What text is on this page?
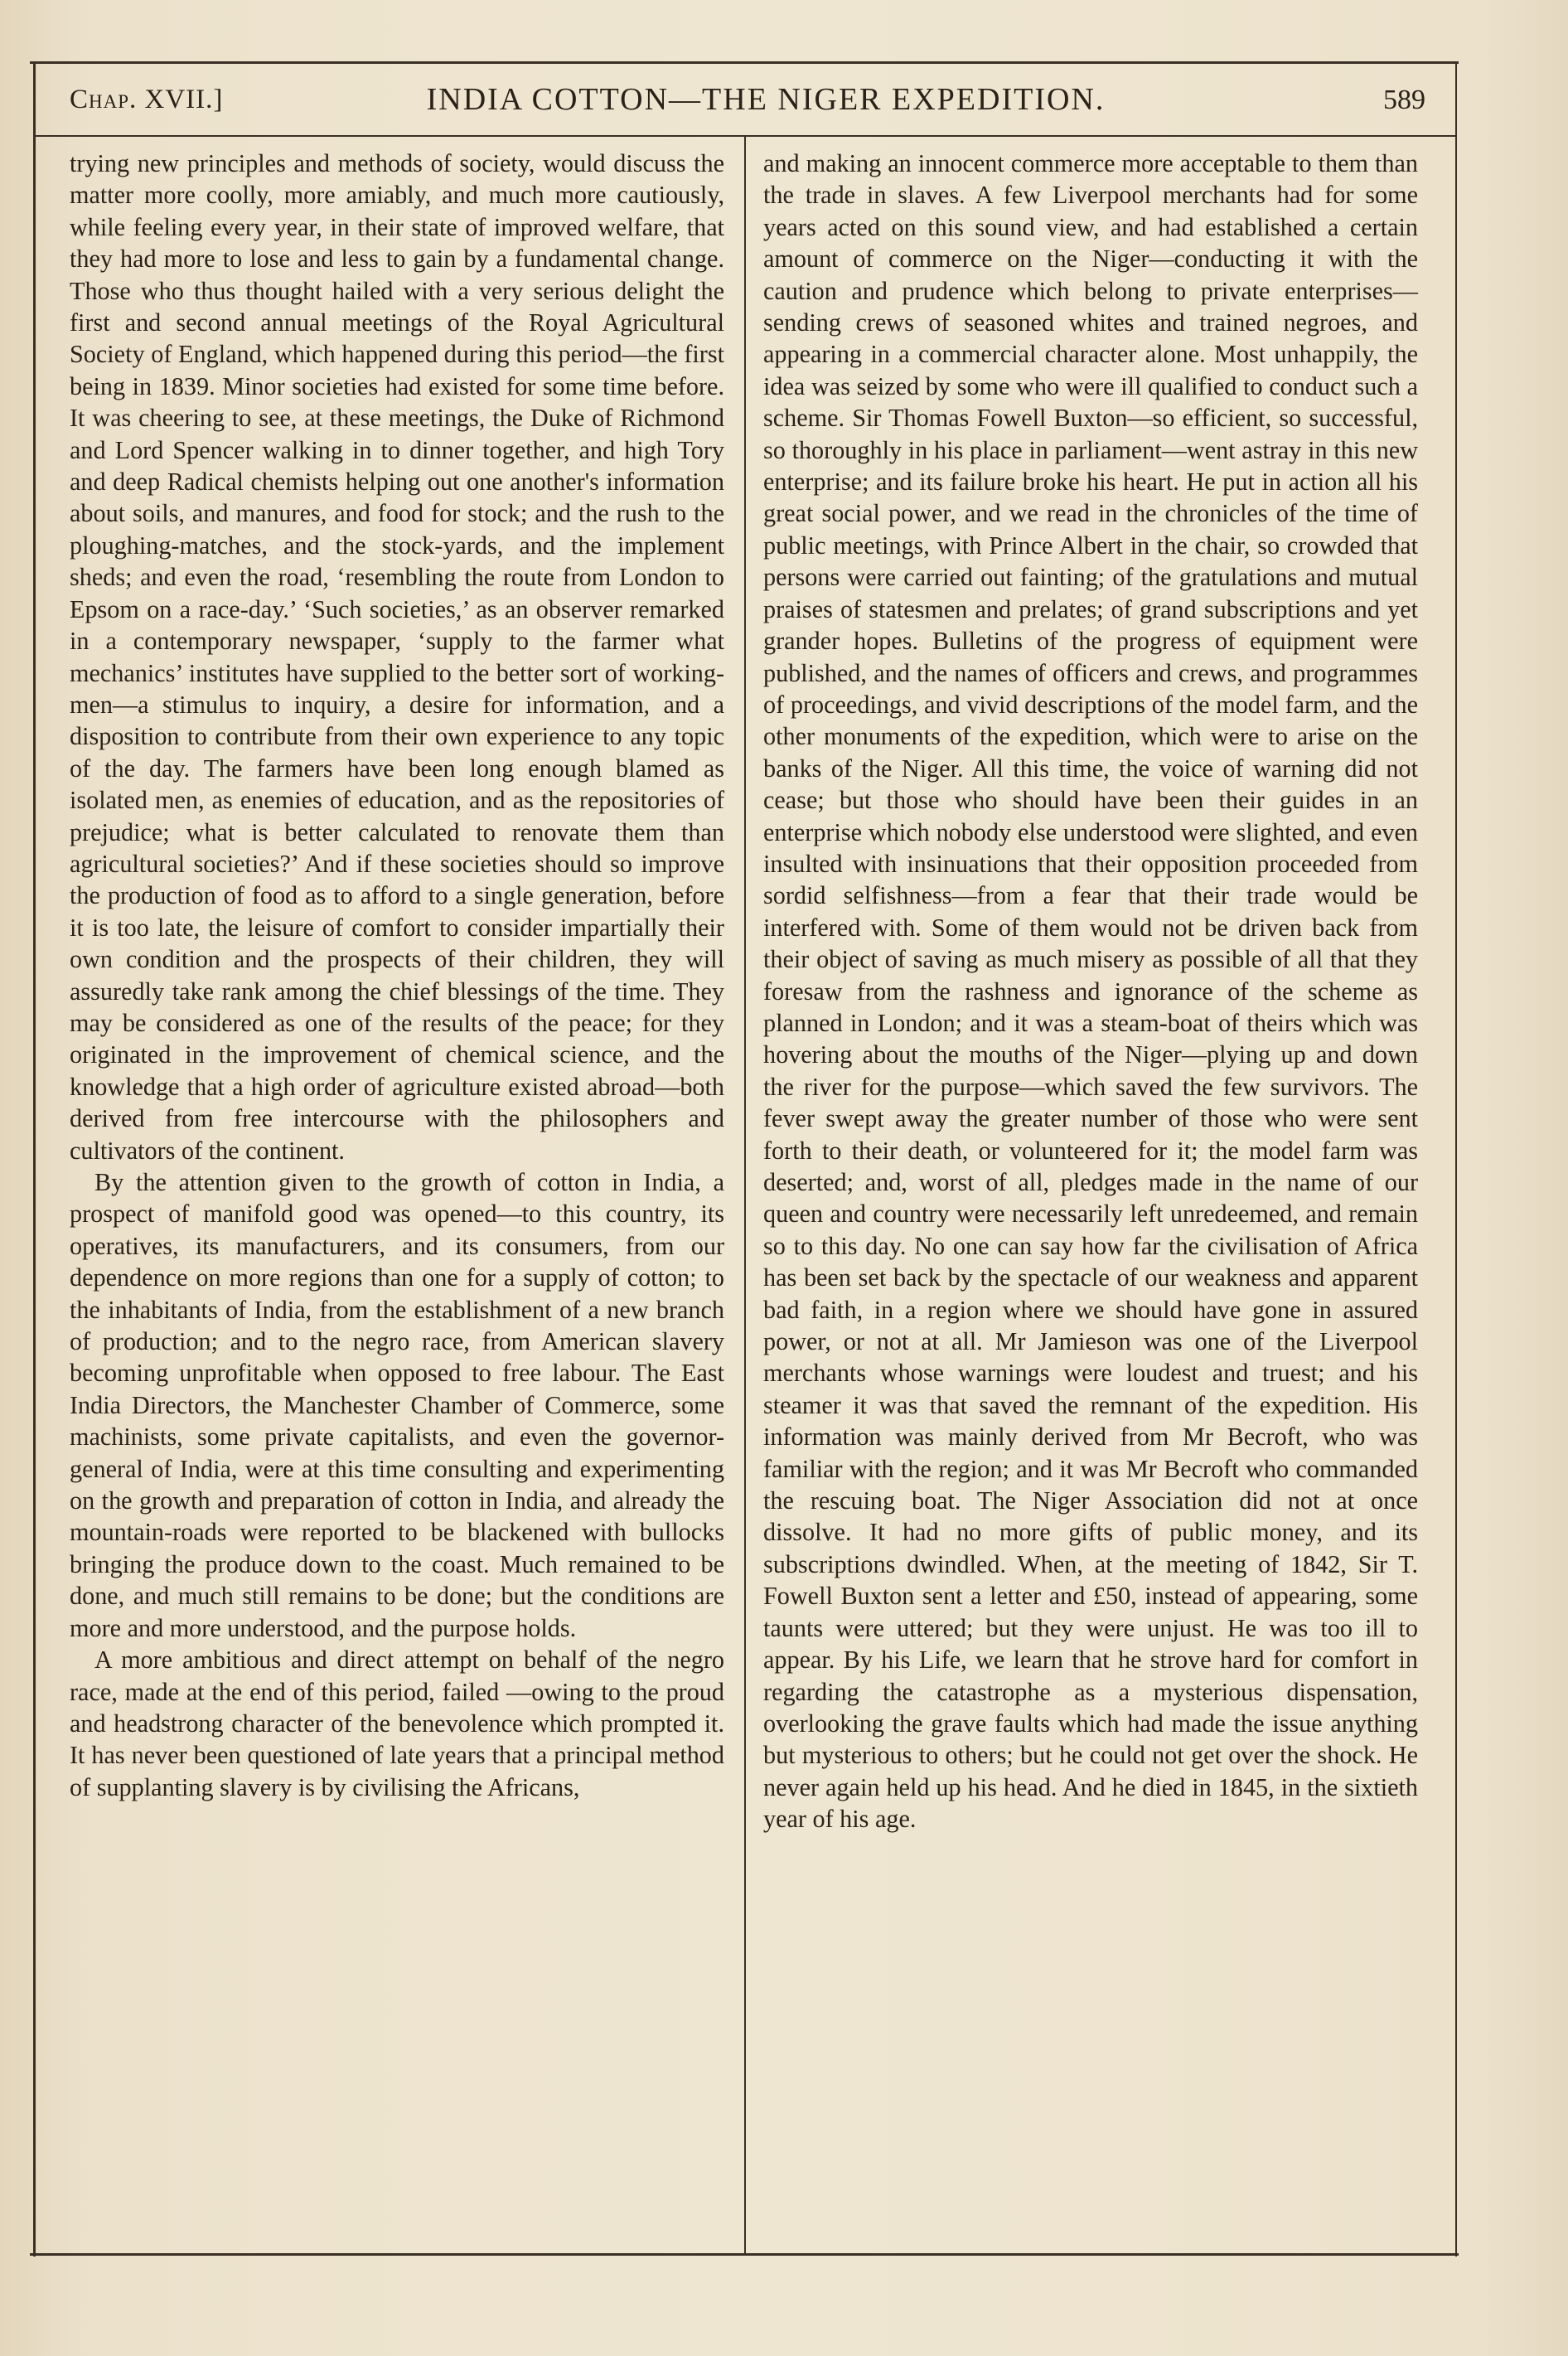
Chap. XVII.]	INDIA COTTON—THE NIGER EXPEDITION.	589

trying new principles and methods of society, would discuss the matter more coolly, more amiably, and much more cautiously, while feeling every year, in their state of improved welfare, that they had more to lose and less to gain by a fundamental change. Those who thus thought hailed with a very serious delight the first and second annual meetings of the Royal Agricultural Society of England, which happened during this period—the first being in 1839. Minor societies had existed for some time before. It was cheering to see, at these meetings, the Duke of Richmond and Lord Spencer walking in to dinner together, and high Tory and deep Radical chemists helping out one another's information about soils, and manures, and food for stock; and the rush to the ploughing-matches, and the stock-yards, and the implement sheds; and even the road, ‘resembling the route from London to Epsom on a race-day.’ ‘Such societies,’ as an observer remarked in a contemporary newspaper, ‘supply to the farmer what mechanics’ institutes have supplied to the better sort of working-men—a stimulus to inquiry, a desire for information, and a disposition to contribute from their own experience to any topic of the day. The farmers have been long enough blamed as isolated men, as enemies of education, and as the repositories of prejudice; what is better calculated to renovate them than agricultural societies?’ And if these societies should so improve the production of food as to afford to a single generation, before it is too late, the leisure of comfort to consider impartially their own condition and the prospects of their children, they will assuredly take rank among the chief blessings of the time. They may be considered as one of the results of the peace; for they originated in the improvement of chemical science, and the knowledge that a high order of agriculture existed abroad—both derived from free intercourse with the philosophers and cultivators of the continent.

By the attention given to the growth of cotton in India, a prospect of manifold good was opened—to this country, its operatives, its manufacturers, and its consumers, from our dependence on more regions than one for a supply of cotton; to the inhabitants of India, from the establishment of a new branch of production; and to the negro race, from American slavery becoming unprofitable when opposed to free labour. The East India Directors, the Manchester Chamber of Commerce, some machinists, some private capitalists, and even the governor-general of India, were at this time consulting and experimenting on the growth and preparation of cotton in India, and already the mountain-roads were reported to be blackened with bullocks bringing the produce down to the coast. Much remained to be done, and much still remains to be done; but the conditions are more and more understood, and the purpose holds.

A more ambitious and direct attempt on behalf of the negro race, made at the end of this period, failed —owing to the proud and headstrong character of the benevolence which prompted it. It has never been questioned of late years that a principal method of supplanting slavery is by civilising the Africans,

and making an innocent commerce more acceptable to them than the trade in slaves. A few Liverpool merchants had for some years acted on this sound view, and had established a certain amount of commerce on the Niger—conducting it with the caution and prudence which belong to private enterprises—sending crews of seasoned whites and trained negroes, and appearing in a commercial character alone. Most unhappily, the idea was seized by some who were ill qualified to conduct such a scheme. Sir Thomas Fowell Buxton—so efficient, so successful, so thoroughly in his place in parliament—went astray in this new enterprise; and its failure broke his heart. He put in action all his great social power, and we read in the chronicles of the time of public meetings, with Prince Albert in the chair, so crowded that persons were carried out fainting; of the gratulations and mutual praises of statesmen and prelates; of grand subscriptions and yet grander hopes. Bulletins of the progress of equipment were published, and the names of officers and crews, and programmes of proceedings, and vivid descriptions of the model farm, and the other monuments of the expedition, which were to arise on the banks of the Niger. All this time, the voice of warning did not cease; but those who should have been their guides in an enterprise which nobody else understood were slighted, and even insulted with insinuations that their opposition proceeded from sordid selfishness—from a fear that their trade would be interfered with. Some of them would not be driven back from their object of saving as much misery as possible of all that they foresaw from the rashness and ignorance of the scheme as planned in London; and it was a steam-boat of theirs which was hovering about the mouths of the Niger—plying up and down the river for the purpose—which saved the few survivors. The fever swept away the greater number of those who were sent forth to their death, or volunteered for it; the model farm was deserted; and, worst of all, pledges made in the name of our queen and country were necessarily left unredeemed, and remain so to this day. No one can say how far the civilisation of Africa has been set back by the spectacle of our weakness and apparent bad faith, in a region where we should have gone in assured power, or not at all. Mr Jamieson was one of the Liverpool merchants whose warnings were loudest and truest; and his steamer it was that saved the remnant of the expedition. His information was mainly derived from Mr Becroft, who was familiar with the region; and it was Mr Becroft who commanded the rescuing boat. The Niger Association did not at once dissolve. It had no more gifts of public money, and its subscriptions dwindled. When, at the meeting of 1842, Sir T. Fowell Buxton sent a letter and £50, instead of appearing, some taunts were uttered; but they were unjust. He was too ill to appear. By his Life, we learn that he strove hard for comfort in regarding the catastrophe as a mysterious dispensation, overlooking the grave faults which had made the issue anything but mysterious to others; but he could not get over the shock. He never again held up his head. And he died in 1845, in the sixtieth year of his age.
